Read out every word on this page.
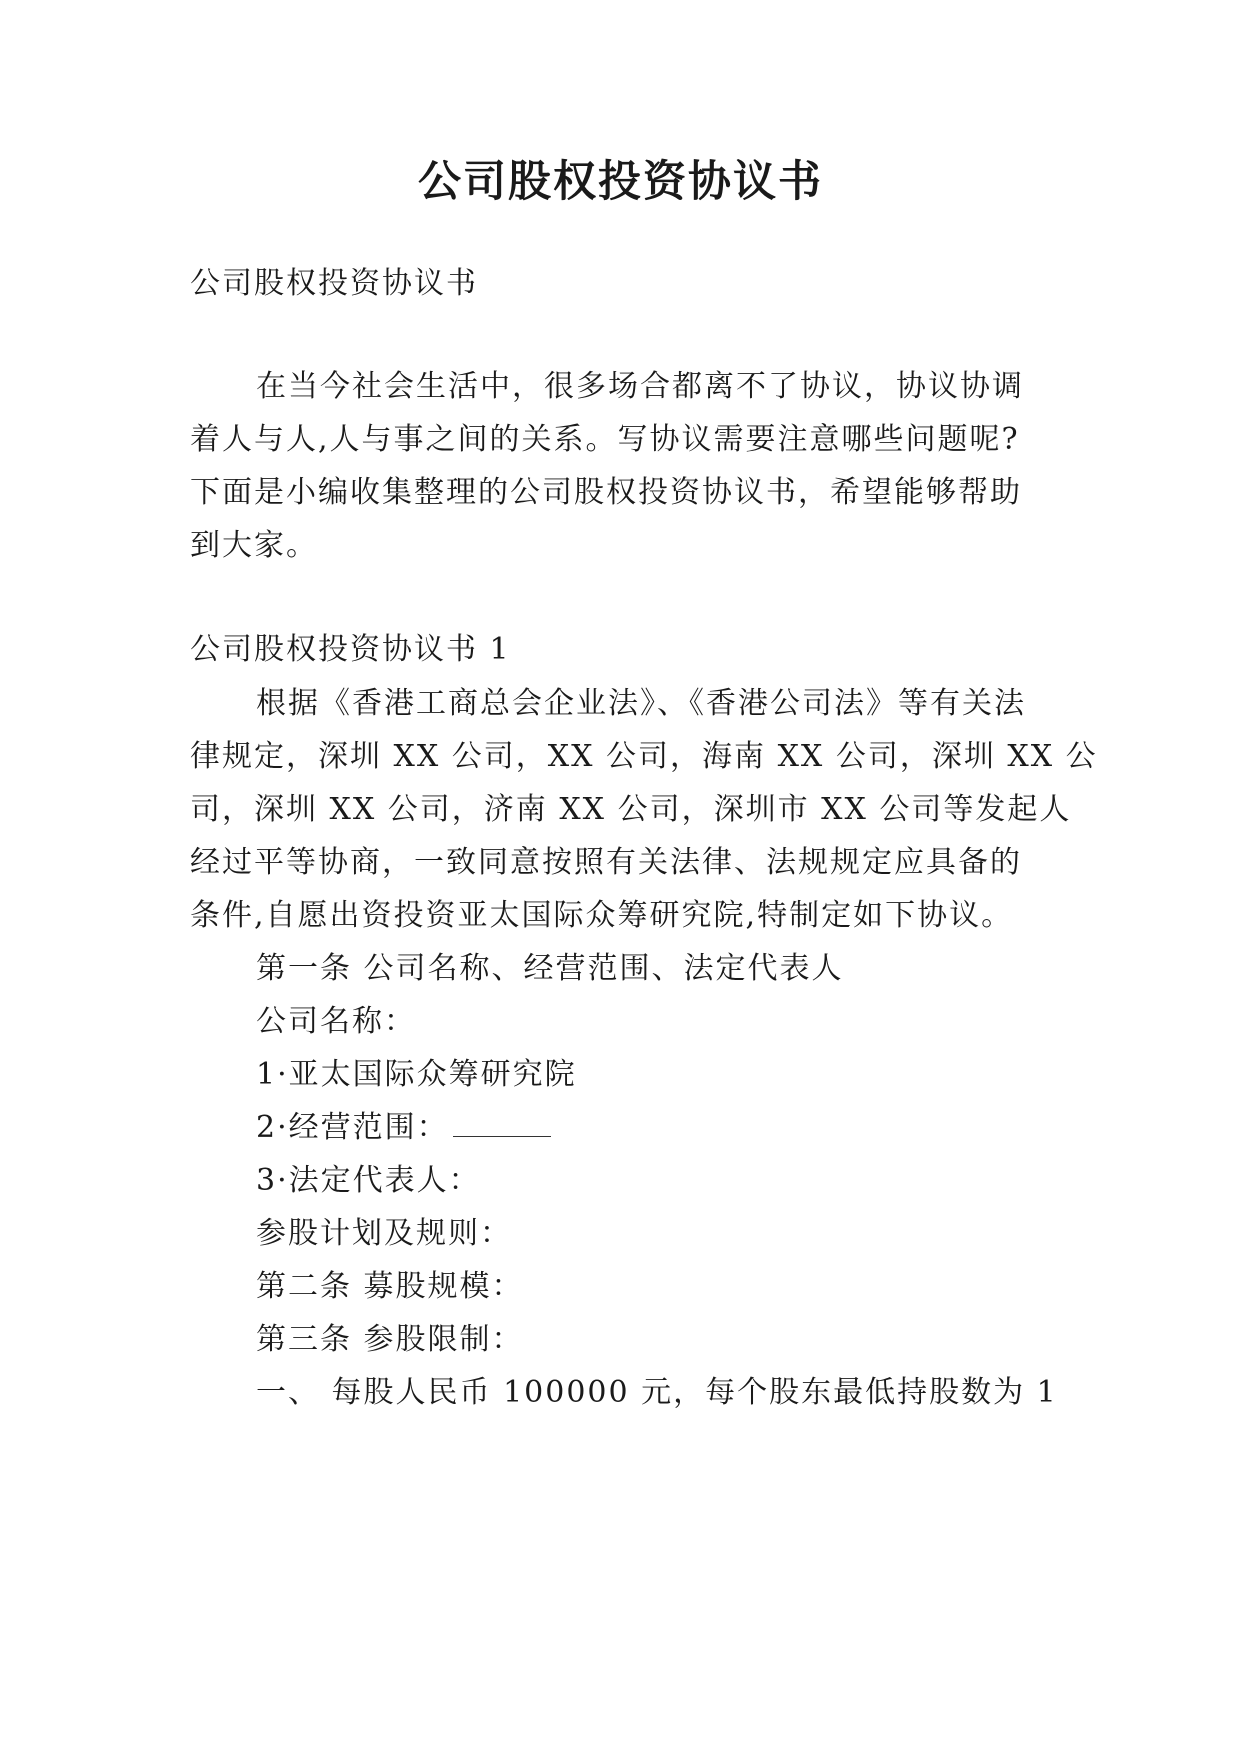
公司股权投资协议书
公司股权投资协议书
在当今社会生活中，很多场合都离不了协议，协议协调
着人与人,人与事之间的关系。写协议需要注意哪些问题呢?
下面是小编收集整理的公司股权投资协议书，希望能够帮助
到大家。
公司股权投资协议书 1
根据《香港工商总会企业法》、《香港公司法》等有关法
律规定，深圳 XX 公司，XX 公司，海南 XX 公司，深圳 XX 公
司，深圳 XX 公司，济南 XX 公司，深圳市 XX 公司等发起人
经过平等协商，一致同意按照有关法律、法规规定应具备的
条件,自愿出资投资亚太国际众筹研究院,特制定如下协议。
第一条 公司名称、经营范围、法定代表人
公司名称：
1·亚太国际众筹研究院
2·经营范围：
3·法定代表人：
参股计划及规则：
第二条 募股规模：
第三条 参股限制：
一、 每股人民币 100000 元，每个股东最低持股数为 1
